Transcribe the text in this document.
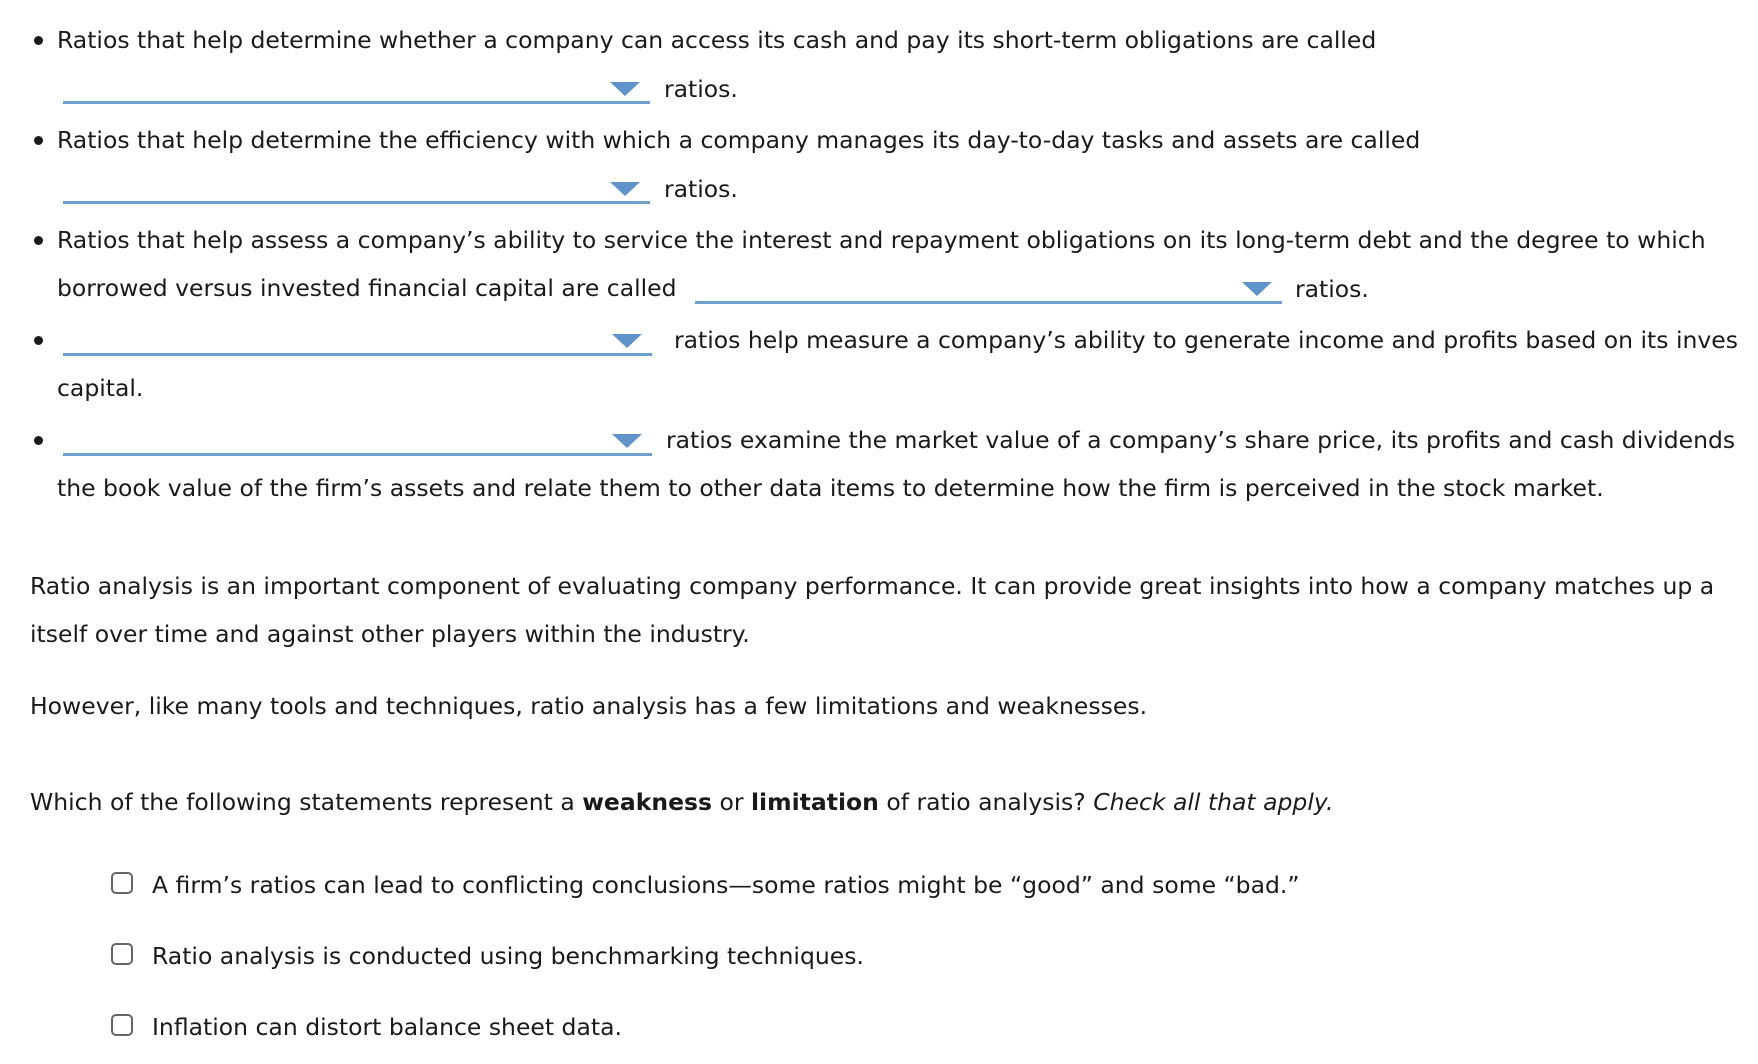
Ratios that help determine whether a company can access its cash and pay its short-term obligations are called
ratios.
Ratios that help determine the efficiency with which a company manages its day-to-day tasks and assets are called
ratios.
Ratios that help assess a company’s ability to service the interest and repayment obligations on its long-term debt and the degree to which
borrowed versus invested financial capital are called	ratios.
ratios help measure a company’s ability to generate income and profits based on its inves
capital.
ratios examine the market value of a company’s share price, its profits and cash dividends
the book value of the firm’s assets and relate them to other data items to determine how the firm is perceived in the stock market.
Ratio analysis is an important component of evaluating company performance. It can provide great insights into how a company matches up a
itself over time and against other players within the industry.
However, like many tools and techniques, ratio analysis has a few limitations and weaknesses.
Which of the following statements represent a weakness or limitation of ratio analysis? Check all that apply.
A firm’s ratios can lead to conflicting conclusions—some ratios might be “good” and some “bad.”
Ratio analysis is conducted using benchmarking techniques.
Inflation can distort balance sheet data.
